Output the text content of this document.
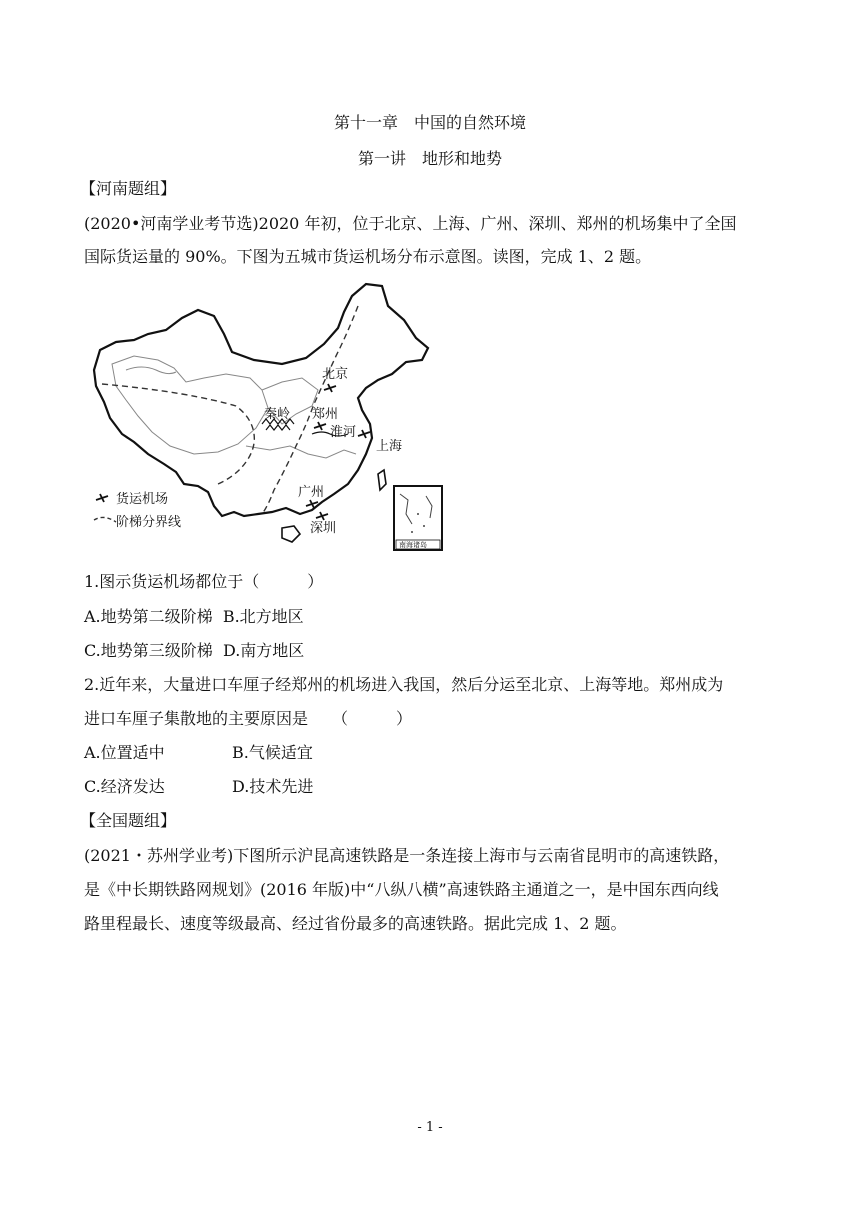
第十一章　中国的自然环境
第一讲　地形和地势
【河南题组】
(2020•河南学业考节选)2020 年初，位于北京、上海、广州、深圳、郑州的机场集中了全国
国际货运量的 90%。下图为五城市货运机场分布示意图。读图，完成 1、2 题。
北京
秦岭 郑州
淮河
上海
广州
深圳
南海诸岛
货运机场
阶梯分界线
1.图示货运机场都位于（　　　）
A.地势第二级阶梯 B.北方地区
C.地势第三级阶梯 D.南方地区
2.近年来，大量进口车厘子经郑州的机场进入我国，然后分运至北京、上海等地。郑州成为
进口车厘子集散地的主要原因是　　（　　　）
A.位置适中	B.气候适宜
C.经济发达	D.技术先进
【全国题组】
(2021・苏州学业考)下图所示沪昆高速铁路是一条连接上海市与云南省昆明市的高速铁路，
是《中长期铁路网规划》(2016 年版)中“八纵八横”高速铁路主通道之一，是中国东西向线
路里程最长、速度等级最高、经过省份最多的高速铁路。据此完成 1、2 题。
- 1 -
